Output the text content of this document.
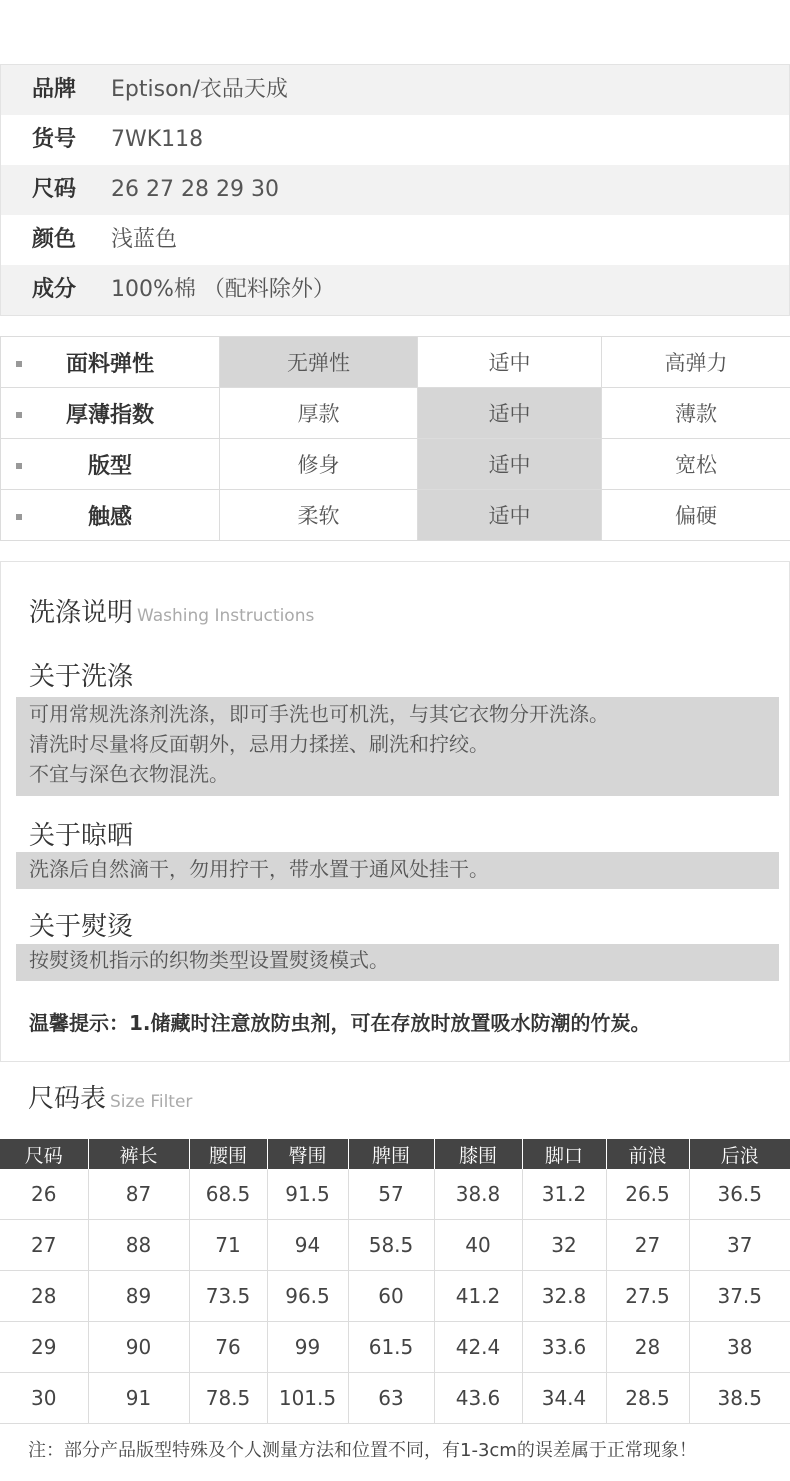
品牌 Eptison/衣品天成
货号 7WK118
尺码 26 27 28 29 30
颜色 浅蓝色
成分 100%棉 （配料除外）
面料弹性	无弹性	适中	高弹力

厚薄指数	厚款	适中	薄款

版型	修身	适中	宽松

触感	柔软	适中	偏硬
洗涤说明 Washing Instructions
关于洗涤
可用常规洗涤剂洗涤，即可手洗也可机洗，与其它衣物分开洗涤。
清洗时尽量将反面朝外，忌用力揉搓、刷洗和拧绞。
不宜与深色衣物混洗。
关于晾晒
洗涤后自然滴干，勿用拧干，带水置于通风处挂干。
关于熨烫
按熨烫机指示的织物类型设置熨烫模式。
温馨提示：1.储藏时注意放防虫剂，可在存放时放置吸水防潮的竹炭。
尺码表 Size Filter
尺码	裤长	腰围	臀围	脾围	膝围	脚口	前浪	后浪
26	87	68.5	91.5	57	38.8	31.2	26.5	36.5
27	88	71	94	58.5	40	32	27	37
28	89	73.5	96.5	60	41.2	32.8	27.5	37.5
29	90	76	99	61.5	42.4	33.6	28	38
30	91	78.5	101.5	63	43.6	34.4	28.5	38.5
注：部分产品版型特殊及个人测量方法和位置不同，有1-3cm的误差属于正常现象！
